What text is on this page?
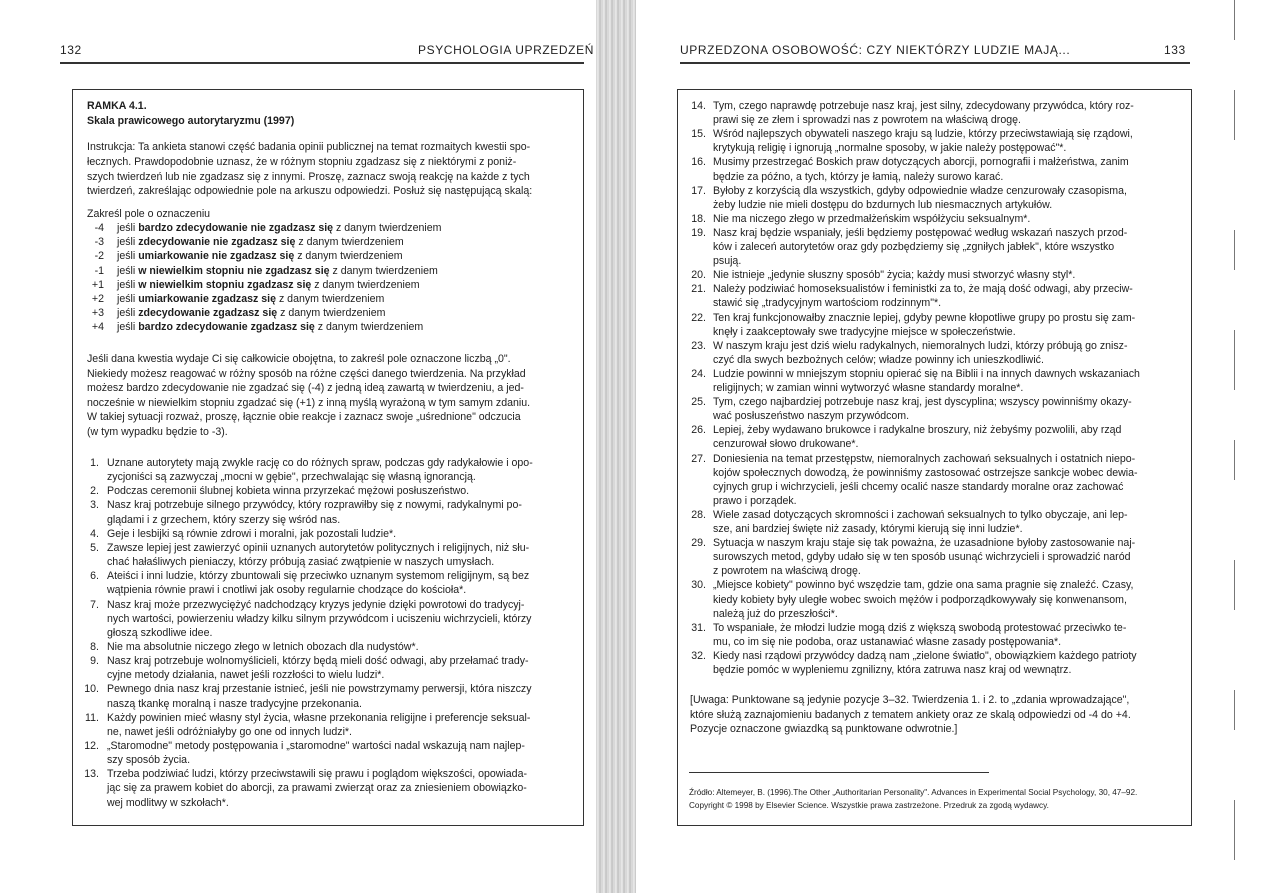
132	PSYCHOLOGIA UPRZEDZEŃ
RAMKA 4.1.
Skala prawicowego autorytaryzmu (1997)
Instrukcja: Ta ankieta stanowi część badania opinii publicznej na temat rozmaitych kwestii spo-
łecznych. Prawdopodobnie uznasz, że w różnym stopniu zgadzasz się z niektórymi z poniż-
szych twierdzeń lub nie zgadzasz się z innymi. Proszę, zaznacz swoją reakcję na każde z tych
twierdzeń, zakreślając odpowiednie pole na arkuszu odpowiedzi. Posłuż się następującą skalą:
Zakreśl pole o oznaczeniu
-4 jeśli bardzo zdecydowanie nie zgadzasz się z danym twierdzeniem
-3 jeśli zdecydowanie nie zgadzasz się z danym twierdzeniem
-2 jeśli umiarkowanie nie zgadzasz się z danym twierdzeniem
-1 jeśli w niewielkim stopniu nie zgadzasz się z danym twierdzeniem
+1 jeśli w niewielkim stopniu zgadzasz się z danym twierdzeniem
+2 jeśli umiarkowanie zgadzasz się z danym twierdzeniem
+3 jeśli zdecydowanie zgadzasz się z danym twierdzeniem
+4 jeśli bardzo zdecydowanie zgadzasz się z danym twierdzeniem
Jeśli dana kwestia wydaje Ci się całkowicie obojętna, to zakreśl pole oznaczone liczbą „0".
Niekiedy możesz reagować w różny sposób na różne części danego twierdzenia. Na przykład
możesz bardzo zdecydowanie nie zgadzać się (-4) z jedną ideą zawartą w twierdzeniu, a jed-
nocześnie w niewielkim stopniu zgadzać się (+1) z inną myślą wyrażoną w tym samym zdaniu.
W takiej sytuacji rozważ, proszę, łącznie obie reakcje i zaznacz swoje „uśrednione" odczucia
(w tym wypadku będzie to -3).
1. Uznane autorytety mają zwykle rację co do różnych spraw, podczas gdy radykałowie i opo-
zycjoniści są zazwyczaj „mocni w gębie", przechwalając się własną ignorancją.
2. Podczas ceremonii ślubnej kobieta winna przyrzekać mężowi posłuszeństwo.
3. Nasz kraj potrzebuje silnego przywódcy, który rozprawiłby się z nowymi, radykalnymi po-
glądami i z grzechem, który szerzy się wśród nas.
4. Geje i lesbijki są równie zdrowi i moralni, jak pozostali ludzie*.
5. Zawsze lepiej jest zawierzyć opinii uznanych autorytetów politycznych i religijnych, niż słu-
chać hałaśliwych pieniaczy, którzy próbują zasiać zwątpienie w naszych umysłach.
6. Ateiści i inni ludzie, którzy zbuntowali się przeciwko uznanym systemom religijnym, są bez
wątpienia równie prawi i cnotliwi jak osoby regularnie chodzące do kościoła*.
7. Nasz kraj może przezwyciężyć nadchodzący kryzys jedynie dzięki powrotowi do tradycyj-
nych wartości, powierzeniu władzy kilku silnym przywódcom i uciszeniu wichrzycieli, którzy
głoszą szkodliwe idee.
8. Nie ma absolutnie niczego złego w letnich obozach dla nudystów*.
9. Nasz kraj potrzebuje wolnomyślicieli, którzy będą mieli dość odwagi, aby przełamać trady-
cyjne metody działania, nawet jeśli rozzłości to wielu ludzi*.
10. Pewnego dnia nasz kraj przestanie istnieć, jeśli nie powstrzymamy perwersji, która niszczy
naszą tkankę moralną i nasze tradycyjne przekonania.
11. Każdy powinien mieć własny styl życia, własne przekonania religijne i preferencje seksual-
ne, nawet jeśli odróżniałyby go one od innych ludzi*.
12. „Staromodne" metody postępowania i „staromodne" wartości nadal wskazują nam najlep-
szy sposób życia.
13. Trzeba podziwiać ludzi, którzy przeciwstawili się prawu i poglądom większości, opowiada-
jąc się za prawem kobiet do aborcji, za prawami zwierząt oraz za zniesieniem obowiązko-
wej modlitwy w szkołach*.
UPRZEDZONA OSOBOWOŚĆ: CZY NIEKTÓRZY LUDZIE MAJĄ...	133
14. Tym, czego naprawdę potrzebuje nasz kraj, jest silny, zdecydowany przywódca, który roz-
prawi się ze złem i sprowadzi nas z powrotem na właściwą drogę.
15. Wśród najlepszych obywateli naszego kraju są ludzie, którzy przeciwstawiają się rządowi,
krytykują religię i ignorują „normalne sposoby, w jakie należy postępować"*.
16. Musimy przestrzegać Boskich praw dotyczących aborcji, pornografii i małżeństwa, zanim
będzie za późno, a tych, którzy je łamią, należy surowo karać.
17. Byłoby z korzyścią dla wszystkich, gdyby odpowiednie władze cenzurowały czasopisma,
żeby ludzie nie mieli dostępu do bzdurnych lub niesmacznych artykułów.
18. Nie ma niczego złego w przedmałżeńskim współżyciu seksualnym*.
19. Nasz kraj będzie wspaniały, jeśli będziemy postępować według wskazań naszych przod-
ków i zaleceń autorytetów oraz gdy pozbędziemy się „zgniłych jabłek", które wszystko
psują.
20. Nie istnieje „jedynie słuszny sposób" życia; każdy musi stworzyć własny styl*.
21. Należy podziwiać homoseksualistów i feministki za to, że mają dość odwagi, aby przeciw-
stawić się „tradycyjnym wartościom rodzinnym"*.
22. Ten kraj funkcjonowałby znacznie lepiej, gdyby pewne kłopotliwe grupy po prostu się zam-
knęły i zaakceptowały swe tradycyjne miejsce w społeczeństwie.
23. W naszym kraju jest dziś wielu radykalnych, niemoralnych ludzi, którzy próbują go znisz-
czyć dla swych bezbożnych celów; władze powinny ich unieszkodliwić.
24. Ludzie powinni w mniejszym stopniu opierać się na Biblii i na innych dawnych wskazaniach
religijnych; w zamian winni wytworzyć własne standardy moralne*.
25. Tym, czego najbardziej potrzebuje nasz kraj, jest dyscyplina; wszyscy powinniśmy okazy-
wać posłuszeństwo naszym przywódcom.
26. Lepiej, żeby wydawano brukowce i radykalne broszury, niż żebyśmy pozwolili, aby rząd
cenzurował słowo drukowane*.
27. Doniesienia na temat przestępstw, niemoralnych zachowań seksualnych i ostatnich niepo-
kojów społecznych dowodzą, że powinniśmy zastosować ostrzejsze sankcje wobec dewia-
cyjnych grup i wichrzycieli, jeśli chcemy ocalić nasze standardy moralne oraz zachować
prawo i porządek.
28. Wiele zasad dotyczących skromności i zachowań seksualnych to tylko obyczaje, ani lep-
sze, ani bardziej święte niż zasady, którymi kierują się inni ludzie*.
29. Sytuacja w naszym kraju staje się tak poważna, że uzasadnione byłoby zastosowanie naj-
surowszych metod, gdyby udało się w ten sposób usunąć wichrzycieli i sprowadzić naród
z powrotem na właściwą drogę.
30. „Miejsce kobiety" powinno być wszędzie tam, gdzie ona sama pragnie się znaleźć. Czasy,
kiedy kobiety były uległe wobec swoich mężów i podporządkowywały się konwenansom,
należą już do przeszłości*.
31. To wspaniałe, że młodzi ludzie mogą dziś z większą swobodą protestować przeciwko te-
mu, co im się nie podoba, oraz ustanawiać własne zasady postępowania*.
32. Kiedy nasi rządowi przywódcy dadzą nam „zielone światło", obowiązkiem każdego patrioty
będzie pomóc w wypleniemu zgnilizny, która zatruwa nasz kraj od wewnątrz.
[Uwaga: Punktowane są jedynie pozycje 3–32. Twierdzenia 1. i 2. to „zdania wprowadzające",
które służą zaznajomieniu badanych z tematem ankiety oraz ze skalą odpowiedzi od -4 do +4.
Pozycje oznaczone gwiazdką są punktowane odwrotnie.]
Źródło: Altemeyer, B. (1996).The Other „Authoritarian Personality". Advances in Experimental Social Psychology, 30, 47–92.
Copyright © 1998 by Elsevier Science. Wszystkie prawa zastrzeżone. Przedruk za zgodą wydawcy.
